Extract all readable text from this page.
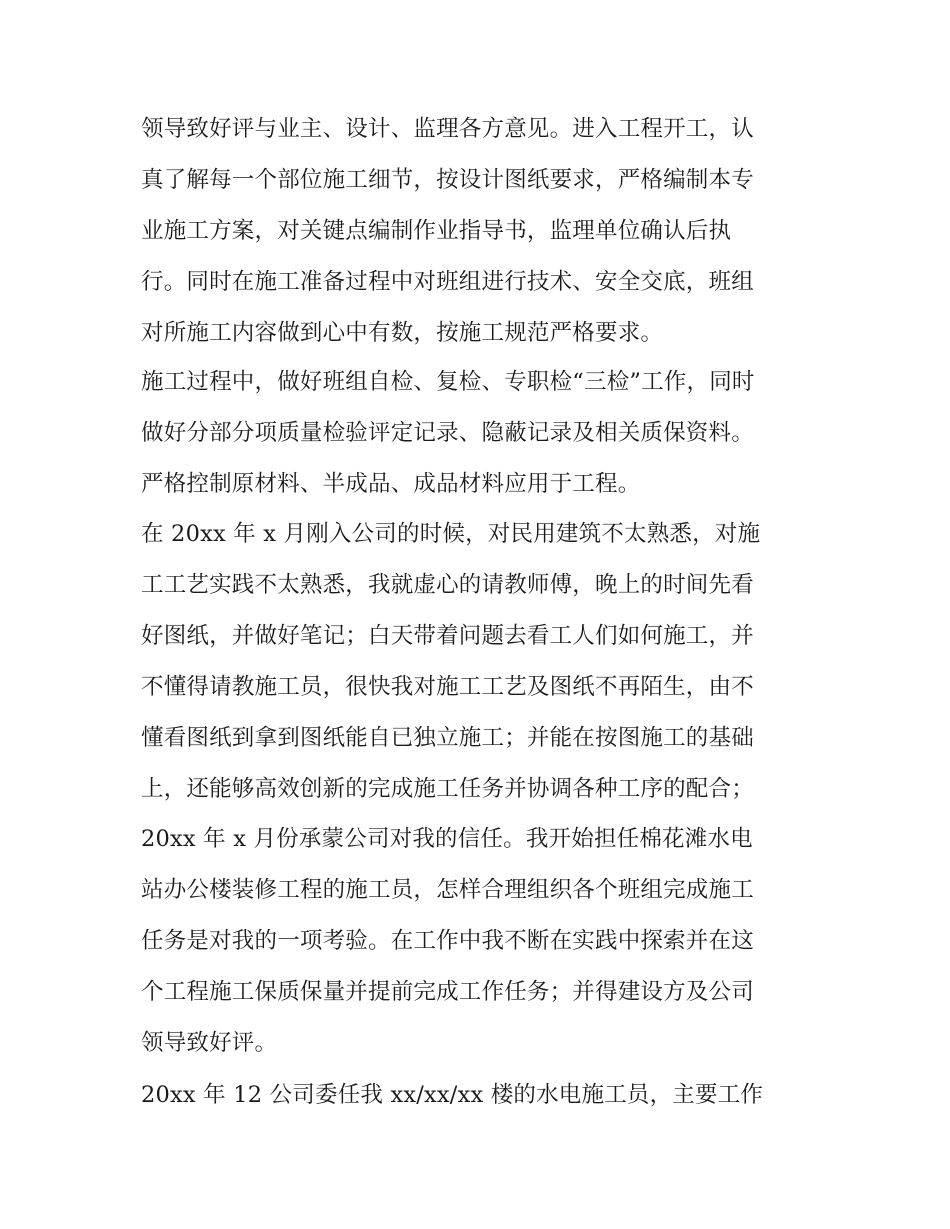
领导致好评与业主、设计、监理各方意见。进入工程开工，认
真了解每一个部位施工细节，按设计图纸要求，严格编制本专
业施工方案，对关键点编制作业指导书，监理单位确认后执
行。同时在施工准备过程中对班组进行技术、安全交底，班组
对所施工内容做到心中有数，按施工规范严格要求。
施工过程中，做好班组自检、复检、专职检“三检”工作，同时
做好分部分项质量检验评定记录、隐蔽记录及相关质保资料。
严格控制原材料、半成品、成品材料应用于工程。
在 20xx 年 x 月刚入公司的时候，对民用建筑不太熟悉，对施
工工艺实践不太熟悉，我就虚心的请教师傅，晚上的时间先看
好图纸，并做好笔记；白天带着问题去看工人们如何施工，并
不懂得请教施工员，很快我对施工工艺及图纸不再陌生，由不
懂看图纸到拿到图纸能自已独立施工；并能在按图施工的基础
上，还能够高效创新的完成施工任务并协调各种工序的配合；
20xx 年 x 月份承蒙公司对我的信任。我开始担任棉花滩水电
站办公楼装修工程的施工员，怎样合理组织各个班组完成施工
任务是对我的一项考验。在工作中我不断在实践中探索并在这
个工程施工保质保量并提前完成工作任务；并得建设方及公司
领导致好评。
20xx 年 12 公司委任我 xx/xx/xx 楼的水电施工员，主要工作
